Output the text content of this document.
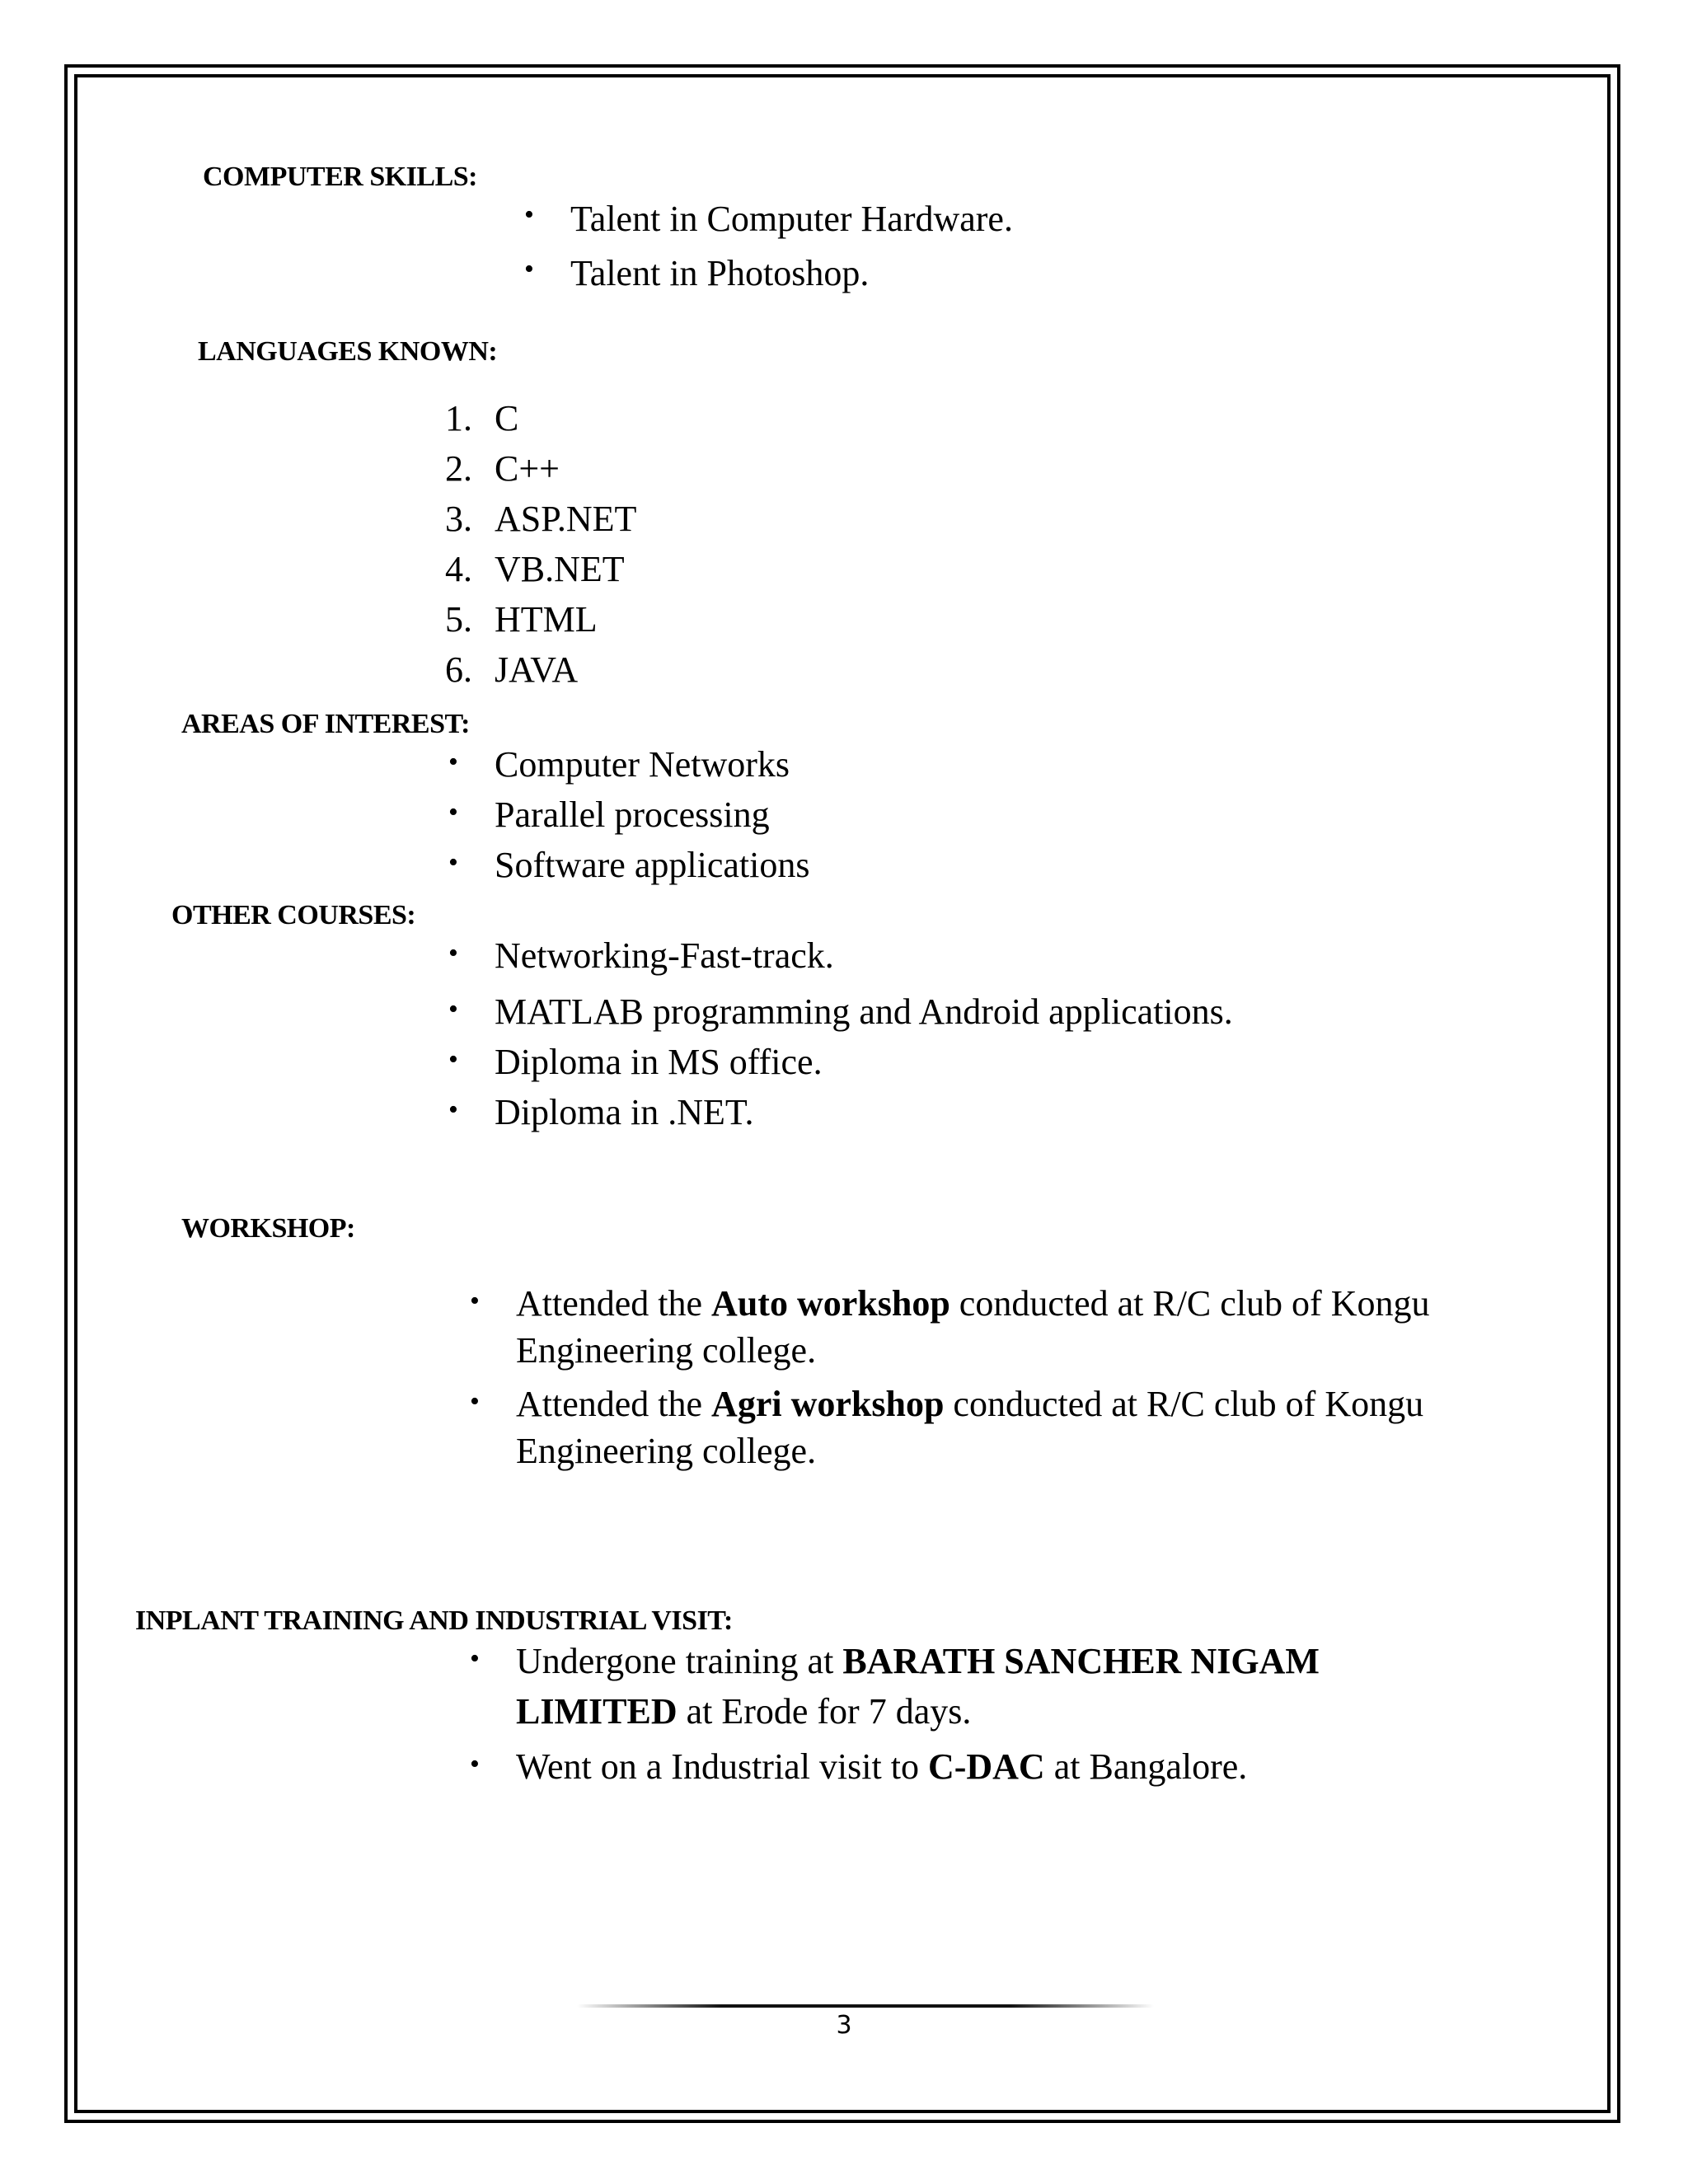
COMPUTER SKILLS:
• Talent in Computer Hardware.
• Talent in Photoshop.
LANGUAGES KNOWN:
1. C
2. C++
3. ASP.NET
4. VB.NET
5. HTML
6. JAVA
AREAS OF INTEREST:
• Computer Networks
• Parallel processing
• Software applications
OTHER COURSES:
• Networking-Fast-track.
• MATLAB programming and Android applications.
• Diploma in MS office.
• Diploma in .NET.
WORKSHOP:
• Attended the Auto workshop conducted at R/C club of Kongu
Engineering college.
• Attended the Agri workshop conducted at R/C club of Kongu
Engineering college.
INPLANT TRAINING AND INDUSTRIAL VISIT:
• Undergone training at BARATH SANCHER NIGAM
LIMITED at Erode for 7 days.
• Went on a Industrial visit to C-DAC at Bangalore.
3
